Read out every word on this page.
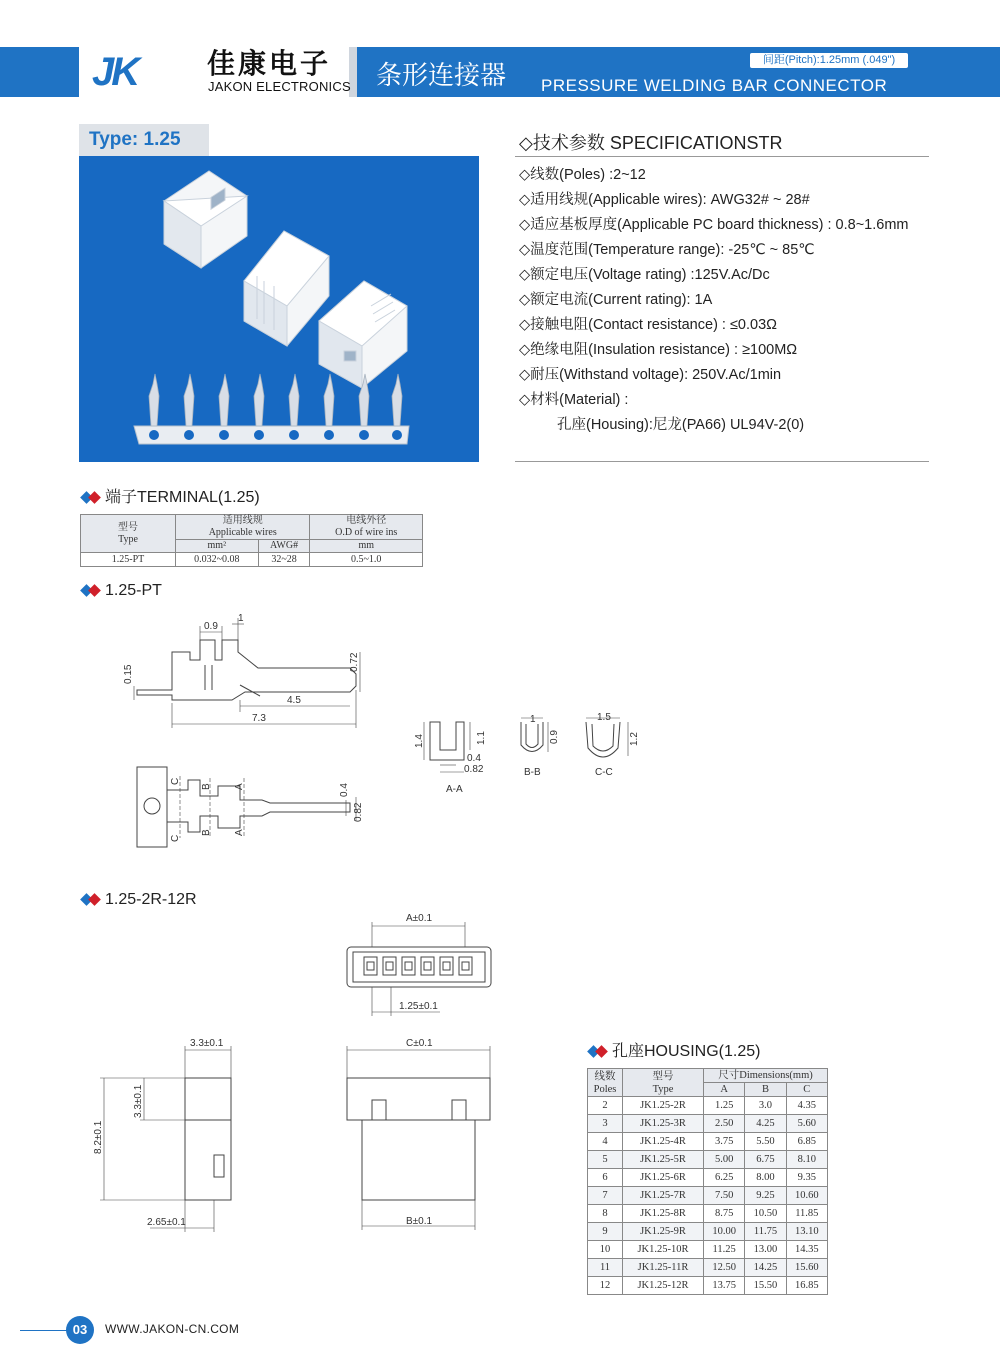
JK 佳康电子
JAKON ELECTRONICS 条形连接器 PRESSURE WELDING BAR CONNECTOR
间距(Pitch):1.25mm (.049")
Type: 1.25	◇技术参数 SPECIFICATIONSTR
◇线数(Poles) :2~12
◇适用线规(Applicable wires): AWG32# ~ 28#
◇适应基板厚度(Applicable PC board thickness) : 0.8~1.6mm
◇温度范围(Temperature range): -25℃ ~ 85℃
◇额定电压(Voltage rating) :125V.Ac/Dc
◇额定电流(Current rating): 1A
◇接触电阻(Contact resistance) : ≤0.03Ω
◇绝缘电阻(Insulation resistance) : ≥100MΩ
◇耐压(Withstand voltage): 250V.Ac/1min
◇材料(Material) :
孔座(Housing):尼龙(PA66) UL94V-2(0)
端子TERMINAL(1.25)
型号
Type	适用线规
Applicable wires		电线外径
O.D of wire ins
	mm²	AWG#	mm
1.25-PT	0.032~0.08	32~28	0.5~1.0
1.25-PT
0.9
1
0.15
0.72
4.5
7.3
1.4	1.1
0.4
0.82
A-A
1
0.9
B-B
1.5
1.2
C-C
C
C
B
B
A
A
0.4
0.82
1.25-2R-12R
A±0.1
1.25±0.1
3.3±0.1
8.2±0.1
3.3±0.1
2.65±0.1
C±0.1
B±0.1
孔座HOUSING(1.25)
线数
Poles	型号
Type	尺寸Dimensions(mm)		
		A	B	C
2	JK1.25-2R	1.25	3.0	4.35
3	JK1.25-3R	2.50	4.25	5.60
4	JK1.25-4R	3.75	5.50	6.85
5	JK1.25-5R	5.00	6.75	8.10
6	JK1.25-6R	6.25	8.00	9.35
7	JK1.25-7R	7.50	9.25	10.60
8	JK1.25-8R	8.75	10.50	11.85
9	JK1.25-9R	10.00	11.75	13.10
10	JK1.25-10R	11.25	13.00	14.35
11	JK1.25-11R	12.50	14.25	15.60
12	JK1.25-12R	13.75	15.50	16.85
03	WWW.JAKON-CN.COM
